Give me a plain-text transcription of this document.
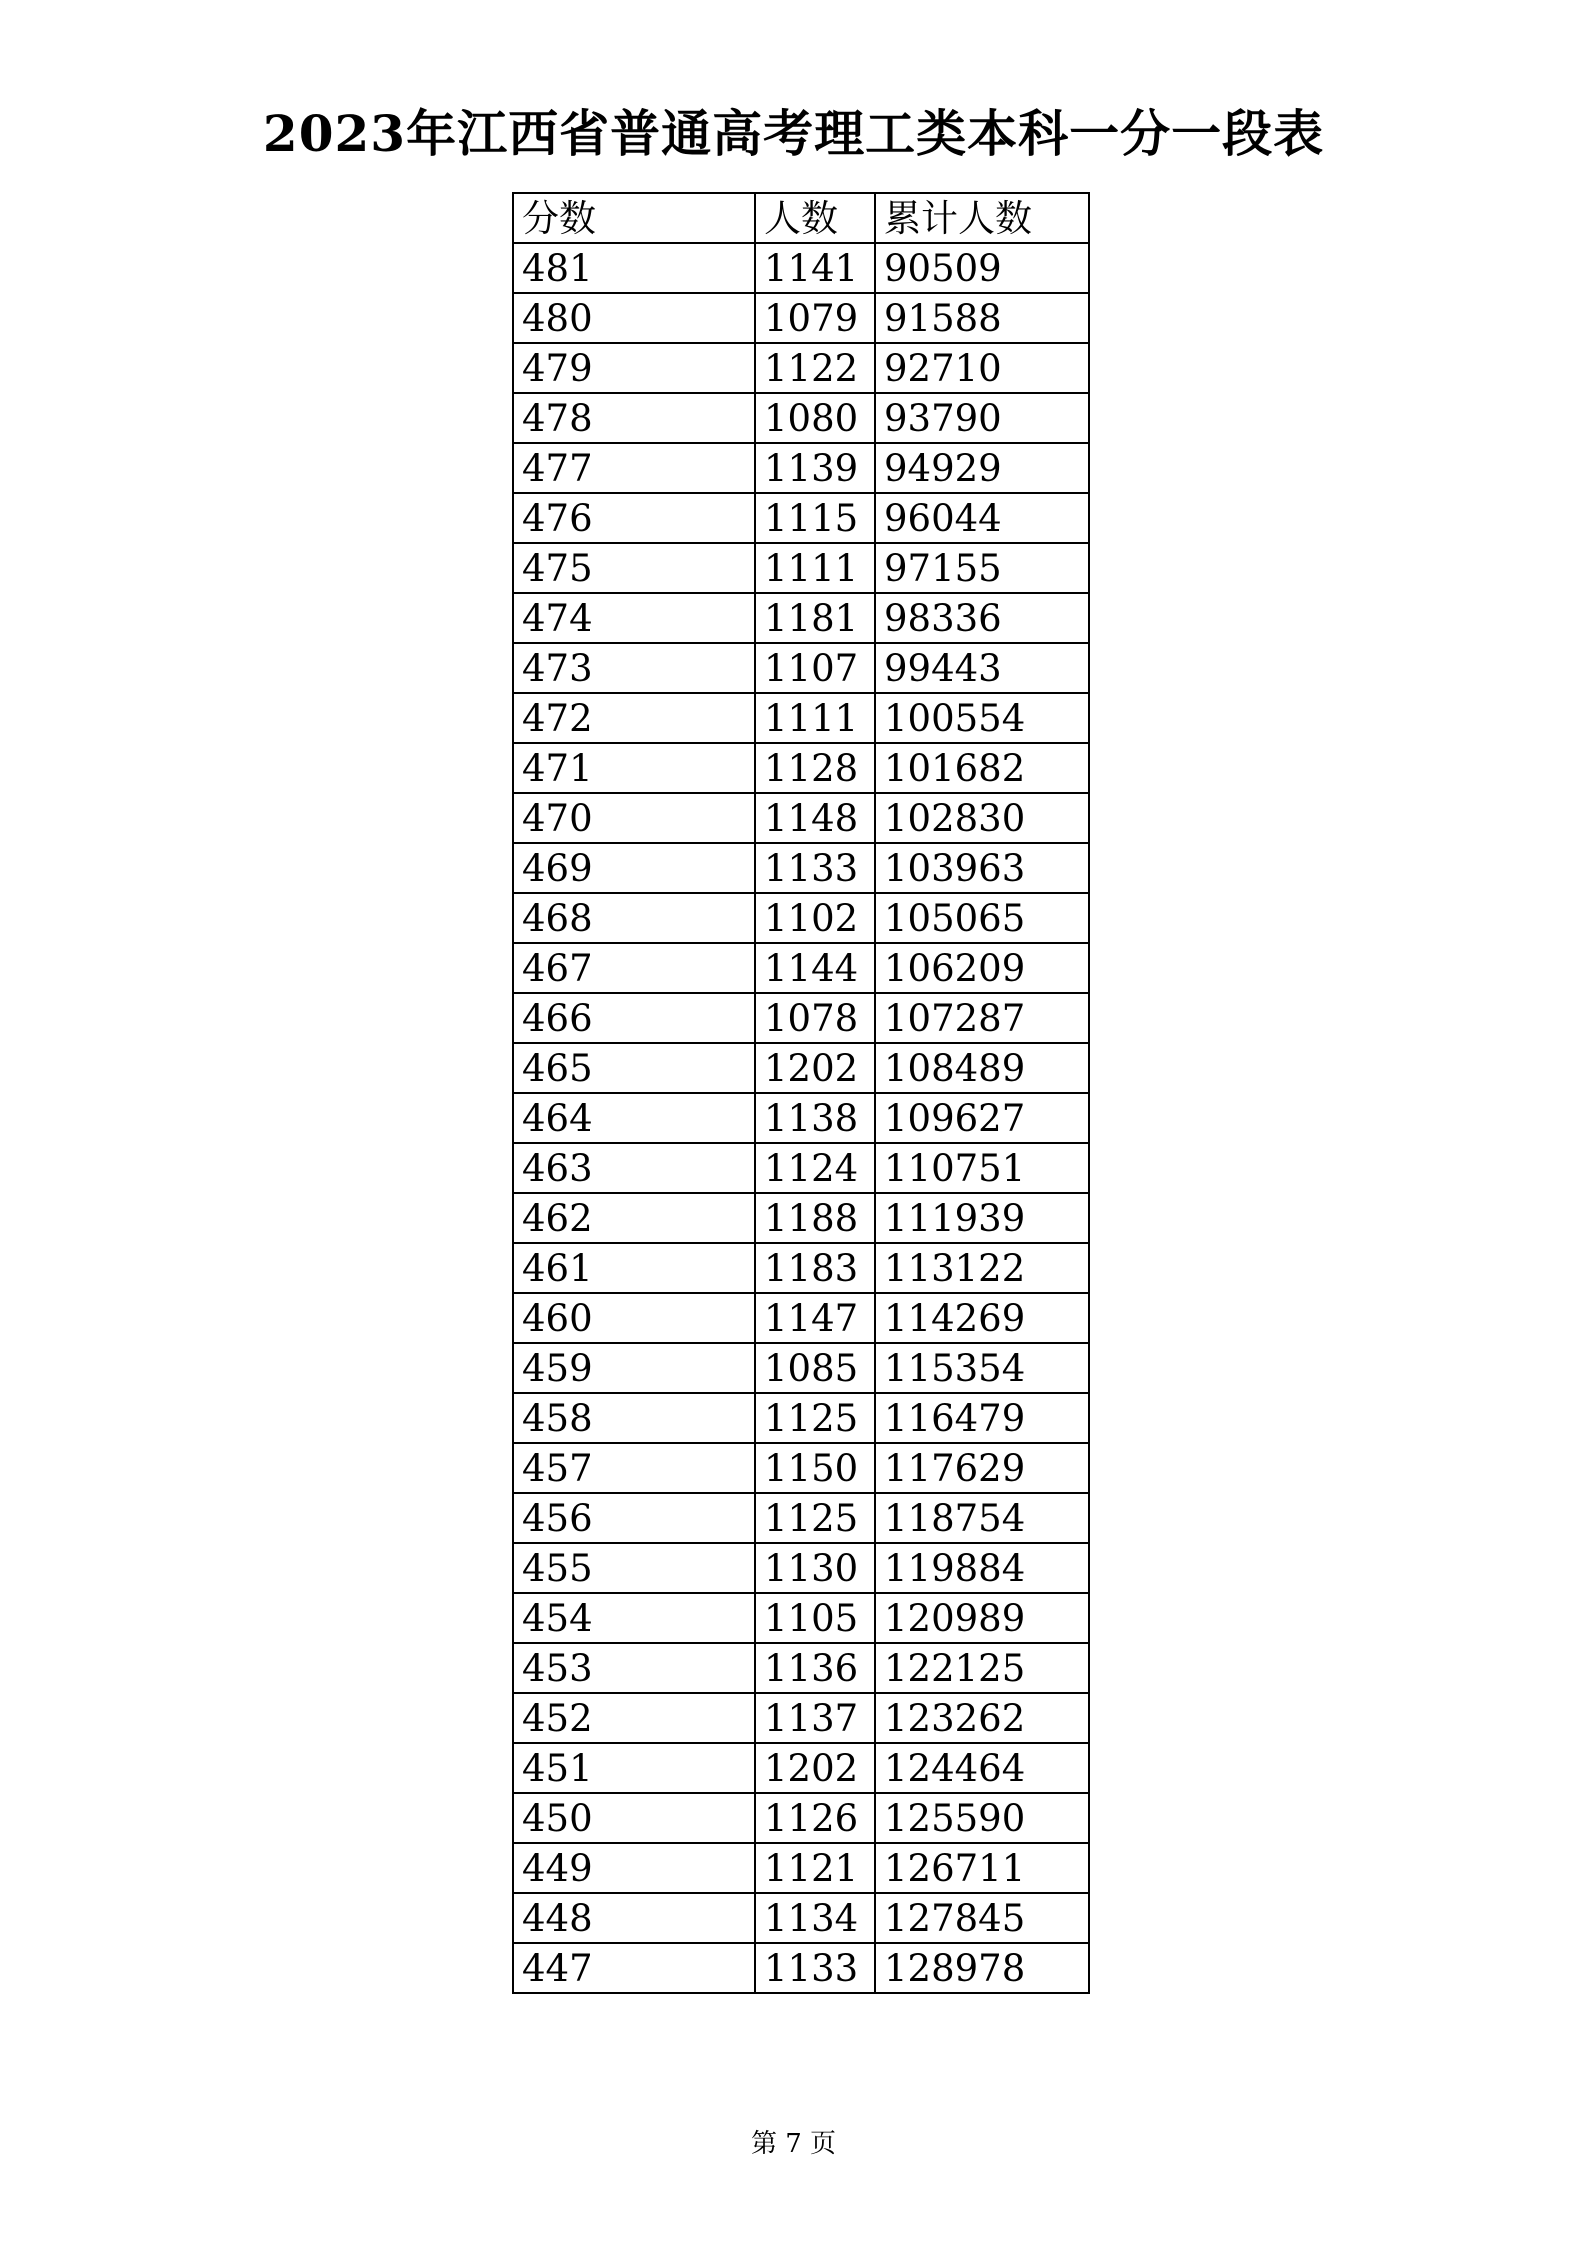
2023年江西省普通高考理工类本科一分一段表
分数	人数	累计人数
481	1141	90509
480	1079	91588
479	1122	92710
478	1080	93790
477	1139	94929
476	1115	96044
475	1111	97155
474	1181	98336
473	1107	99443
472	1111	100554
471	1128	101682
470	1148	102830
469	1133	103963
468	1102	105065
467	1144	106209
466	1078	107287
465	1202	108489
464	1138	109627
463	1124	110751
462	1188	111939
461	1183	113122
460	1147	114269
459	1085	115354
458	1125	116479
457	1150	117629
456	1125	118754
455	1130	119884
454	1105	120989
453	1136	122125
452	1137	123262
451	1202	124464
450	1126	125590
449	1121	126711
448	1134	127845
447	1133	128978
第 7 页
